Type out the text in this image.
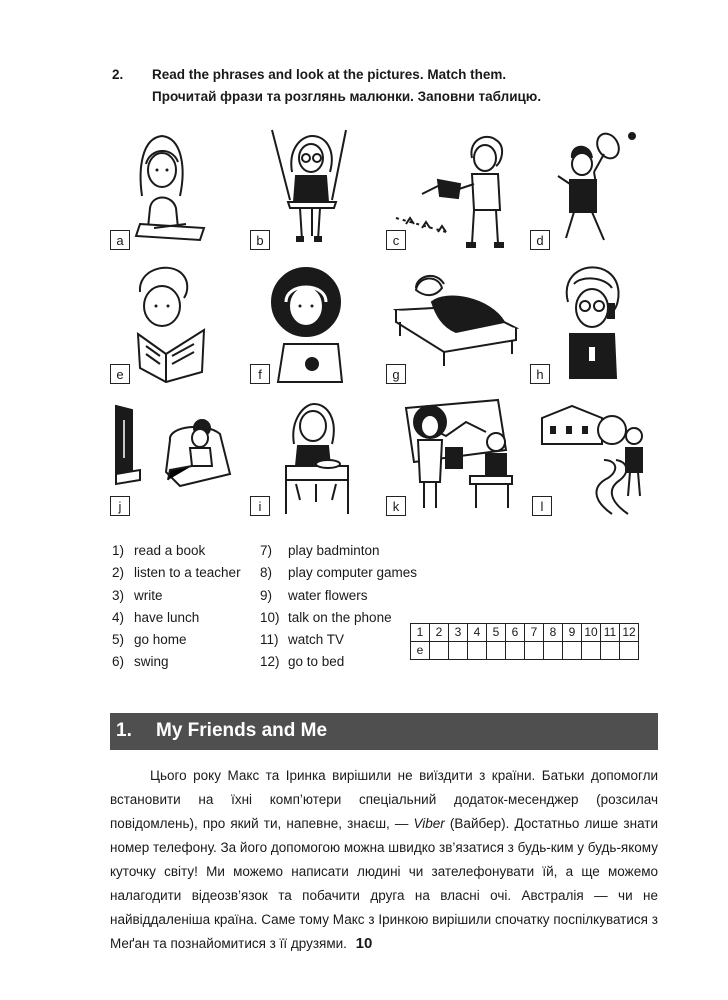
2. Read the phrases and look at the pictures. Match them.
Прочитай фрази та розглянь малюнки. Заповни таблицю.
a	b	c	d
e	f	g	h
j	i	k	l
1) read a book
2) listen to a teacher
3) write
4) have lunch
5) go home
6) swing
7) play badminton
8) play computer games
9) water flowers
10) talk on the phone
11) watch TV
12) go to bed
1	2	3	4	5	6	7	8	9	10	11	12
e											
1. My Friends and Me

Цього року Макс та Іринка вирішили не виїздити з країни. Батьки допомогли встановити на їхні комп’ютери спеціальний додаток-месенджер (розсилач повідомлень), про який ти, напевне, знаєш, — Viber (Вайбер). Достатньо лише знати номер телефону. За його допомогою можна швидко зв’язатися з будь-ким у будь-якому куточку світу! Ми можемо написати людині чи зателефонувати їй, а ще можемо налагодити відеозв’язок та побачити друга на власні очі. Австралія — чи не найвіддаленіша країна. Саме тому Макс з Іринкою вирішили спочатку поспілкуватися з Меґан та познайомитися з її друзями. 10
